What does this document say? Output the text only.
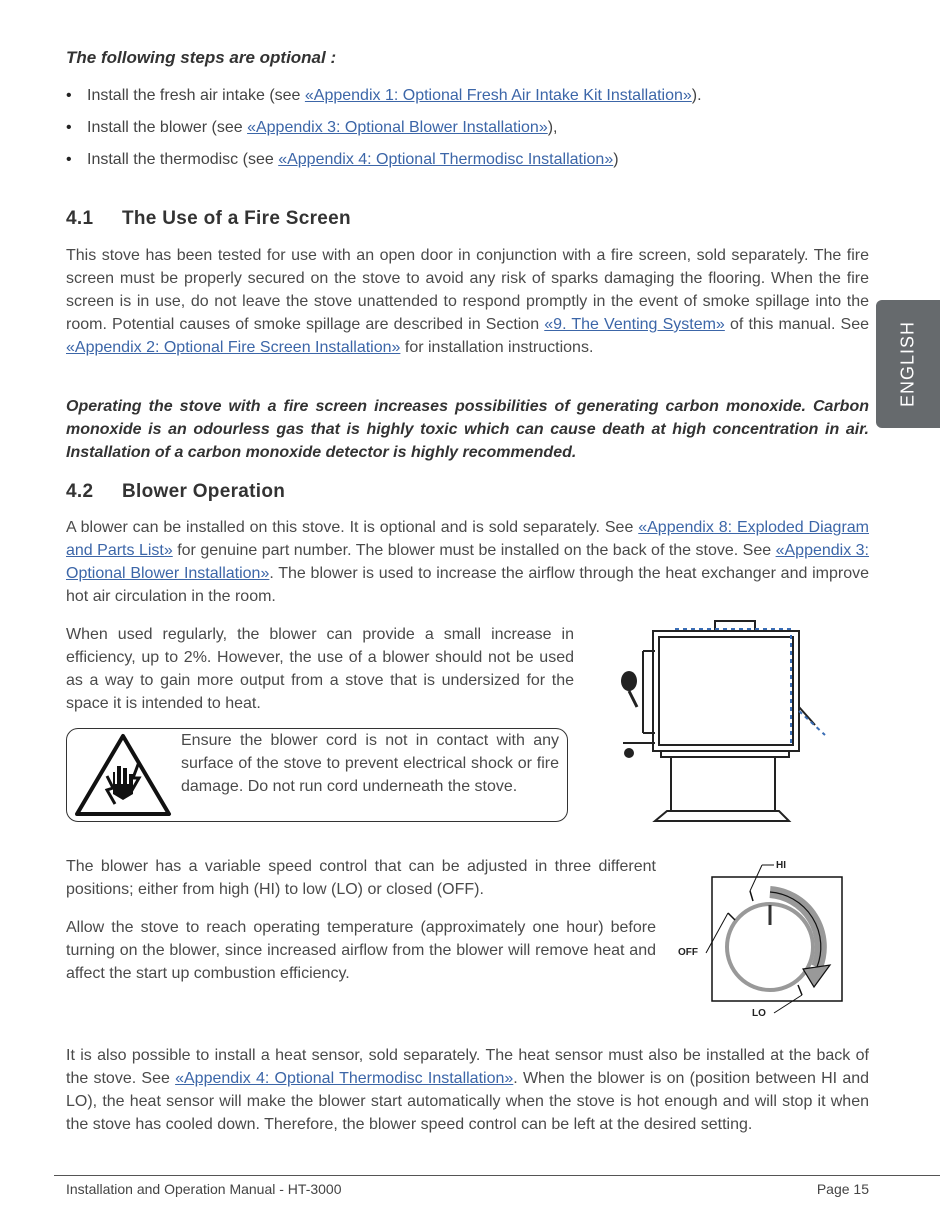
The following steps are optional :
• Install the fresh air intake (see «Appendix 1: Optional Fresh Air Intake Kit Installation»).
• Install the blower (see «Appendix 3: Optional Blower Installation»),
• Install the thermodisc (see «Appendix 4: Optional Thermodisc Installation»)
4.1 The Use of a Fire Screen

This stove has been tested for use with an open door in conjunction with a fire screen, sold separately. The fire screen must be properly secured on the stove to avoid any risk of sparks damaging the flooring. When the fire screen is in use, do not leave the stove unattended to respond promptly in the event of smoke spillage into the room. Potential causes of smoke spillage are described in Section «9. The Venting System» of this manual. See «Appendix 2: Optional Fire Screen Installation» for installation instructions.

Operating the stove with a fire screen increases possibilities of generating carbon monoxide. Carbon monoxide is an odourless gas that is highly toxic which can cause death at high concentration in air. Installation of a carbon monoxide detector is highly recommended.

ENGLISH
4.2 Blower Operation

A blower can be installed on this stove. It is optional and is sold separately. See «Appendix 8: Exploded Diagram and Parts List» for genuine part number. The blower must be installed on the back of the stove. See «Appendix 3: Optional Blower Installation». The blower is used to increase the airflow through the heat exchanger and improve hot air circulation in the room.

When used regularly, the blower can provide a small increase in efficiency, up to 2%. However, the use of a blower should not be used as a way to gain more output from a stove that is undersized for the space it is intended to heat.

Ensure the blower cord is not in contact with any surface of the stove to prevent electrical shock or fire damage. Do not run cord underneath the stove.

The blower has a variable speed control that can be adjusted in three different positions; either from high (HI) to low (LO) or closed (OFF).

Allow the stove to reach operating temperature (approximately one hour) before turning on the blower, since increased airflow from the blower will remove heat and affect the start up combustion efficiency.

HI
OFF
LO

It is also possible to install a heat sensor, sold separately. The heat sensor must also be installed at the back of the stove. See «Appendix 4: Optional Thermodisc Installation». When the blower is on (position between HI and LO), the heat sensor will make the blower start automatically when the stove is hot enough and will stop it when the stove has cooled down. Therefore, the blower speed control can be left at the desired setting.

Installation and Operation Manual - HT-3000	Page 15
